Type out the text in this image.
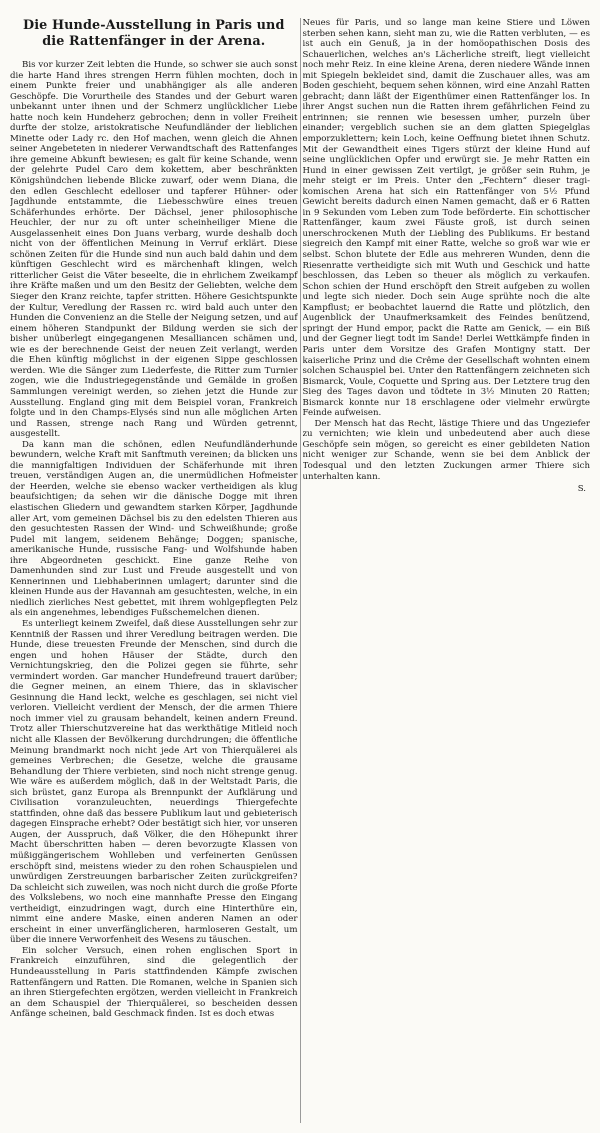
Die Hunde-Ausstellung in Paris und die Rattenfänger in der Arena.

Bis vor kurzer Zeit lebten die Hunde, so schwer sie auch sonst die harte Hand ihres strengen Herrn fühlen mochten, doch in einem Punkte freier und unabhängiger als alle anderen Geschöpfe. Die Vorurtheile des Standes und der Geburt waren unbekannt unter ihnen und der Schmerz unglücklicher Liebe hatte noch kein Hundeherz gebrochen; denn in voller Freiheit durfte der stolze, aristokratische Neufundländer der lieblichen Minette oder Lady rc. den Hof machen, wenn gleich die Ahnen seiner Angebeteten in niederer Verwandtschaft des Rattenfanges ihre gemeine Abkunft bewiesen; es galt für keine Schande, wenn der gelehrte Pudel Caro dem kokettem, aber beschränkten Königshündchen liebende Blicke zuwarf, oder wenn Diana, die den edlen Geschlecht edelloser und tapferer Hühner- oder Jagdhunde entstammte, die Liebesschwüre eines treuen Schäferhundes erhörte. Der Dächsel, jener philosophische Heuchler, der nur zu oft unter scheinheiliger Miene die Ausgelassenheit eines Don Juans verbarg, wurde deshalb doch nicht von der öffentlichen Meinung in Verruf erklärt. Diese schönen Zeiten für die Hunde sind nun auch bald dahin und dem künftigen Geschlecht wird es märchenhaft klingen, welch ritterlicher Geist die Väter beseelte, die in ehrlichem Zweikampf ihre Kräfte maßen und um den Besitz der Geliebten, welche dem Sieger den Kranz reichte, tapfer stritten. Höhere Gesichtspunkte der Kultur, Veredlung der Rassen rc. wird bald auch unter den Hunden die Convenienz an die Stelle der Neigung setzen, und auf einem höheren Standpunkt der Bildung werden sie sich der bisher unüberlegt eingegangenen Mesalliancen schämen und, wie es der berechnende Geist der neuen Zeit verlangt, werden die Ehen künftig möglichst in der eigenen Sippe geschlossen werden. Wie die Sänger zum Liederfeste, die Ritter zum Turnier zogen, wie die Industriegegenstände und Gemälde in großen Sammlungen vereinigt werden, so ziehen jetzt die Hunde zur Ausstellung. England ging mit dem Beispiel voran, Frankreich folgte und in den Champs-Elysés sind nun alle möglichen Arten und Rassen, strenge nach Rang und Würden getrennt, ausgestellt.

Da kann man die schönen, edlen Neufundländerhunde bewundern, welche Kraft mit Sanftmuth vereinen; da blicken uns die mannigfaltigen Individuen der Schäferhunde mit ihren treuen, verständigen Augen an, die unermüdlichen Hofmeister der Heerden, welche sie ebenso wacker vertheidigen als klug beaufsichtigen; da sehen wir die dänische Dogge mit ihren elastischen Gliedern und gewandtem starken Körper, Jagdhunde aller Art, vom gemeinen Dächsel bis zu den edelsten Thieren aus den gesuchtesten Rassen der Wind- und Schweißhunde; große Pudel mit langem, seidenem Behänge; Doggen; spanische, amerikanische Hunde, russische Fang- und Wolfshunde haben ihre Abgeordneten geschickt. Eine ganze Reihe von Damenhunden sind zur Lust und Freude ausgestellt und von Kennerinnen und Liebhaberinnen umlagert; darunter sind die kleinen Hunde aus der Havannah am gesuchtesten, welche, in ein niedlich zierliches Nest gebettet, mit ihrem wohlgepflegten Pelz als ein angenehmes, lebendiges Fußschemelchen dienen.

Es unterliegt keinem Zweifel, daß diese Ausstellungen sehr zur Kenntniß der Rassen und ihrer Veredlung beitragen werden. Die Hunde, diese treuesten Freunde der Menschen, sind durch die engen und hohen Häuser der Städte, durch den Vernichtungskrieg, den die Polizei gegen sie führte, sehr vermindert worden. Gar mancher Hundefreund trauert darüber; die Gegner meinen, an einem Thiere, das in sklavischer Gesinnung die Hand leckt, welche es geschlagen, sei nicht viel verloren. Vielleicht verdient der Mensch, der die armen Thiere noch immer viel zu grausam behandelt, keinen andern Freund. Trotz aller Thierschutzvereine hat das werkthätige Mitleid noch nicht alle Klassen der Bevölkerung durchdrungen; die öffentliche Meinung brandmarkt noch nicht jede Art von Thierquälerei als gemeines Verbrechen; die Gesetze, welche die grausame Behandlung der Thiere verbieten, sind noch nicht strenge genug. Wie wäre es außerdem möglich, daß in der Weltstadt Paris, die sich brüstet, ganz Europa als Brennpunkt der Aufklärung und Civilisation voranzuleuchten, neuerdings Thiergefechte stattfinden, ohne daß das bessere Publikum laut und gebieterisch dagegen Einsprache erhebt? Oder bestätigt sich hier, vor unseren Augen, der Ausspruch, daß Völker, die den Höhepunkt ihrer Macht überschritten haben — deren bevorzugte Klassen von müßiggängerischem Wohlleben und verfeinerten Genüssen erschöpft sind, meistens wieder zu den rohen Schauspielen und unwürdigen Zerstreuungen barbarischer Zeiten zurückgreifen? Da schleicht sich zuweilen, was noch nicht durch die große Pforte des Volkslebens, wo noch eine mannhafte Presse den Eingang vertheidigt, einzudringen wagt, durch eine Hinterthüre ein, nimmt eine andere Maske, einen anderen Namen an oder erscheint in einer unverfänglicheren, harmloseren Gestalt, um über die innere Verworfenheit des Wesens zu täuschen.

Ein solcher Versuch, einen rohen englischen Sport in Frankreich einzuführen, sind die gelegentlich der Hundeausstellung in Paris stattfindenden Kämpfe zwischen Rattenfängern und Ratten. Die Romanen, welche in Spanien sich an ihren Stiergefechten ergötzen, werden vielleicht in Frankreich an dem Schauspiel der Thierquälerei, so bescheiden dessen Anfänge scheinen, bald Geschmack finden. Ist es doch etwas

Neues für Paris, und so lange man keine Stiere und Löwen sterben sehen kann, sieht man zu, wie die Ratten verbluten, — es ist auch ein Genuß, ja in der homöopathischen Dosis des Schauerlichen, welches an's Lächerliche streift, liegt vielleicht noch mehr Reiz. In eine kleine Arena, deren niedere Wände innen mit Spiegeln bekleidet sind, damit die Zuschauer alles, was am Boden geschieht, bequem sehen können, wird eine Anzahl Ratten gebracht; dann läßt der Eigenthümer einen Rattenfänger los. In ihrer Angst suchen nun die Ratten ihrem gefährlichen Feind zu entrinnen; sie rennen wie besessen umher, purzeln über einander; vergeblich suchen sie an dem glatten Spiegelglas emporzuklettern; kein Loch, keine Oeffnung bietet ihnen Schutz. Mit der Gewandtheit eines Tigers stürzt der kleine Hund auf seine unglücklichen Opfer und erwürgt sie. Je mehr Ratten ein Hund in einer gewissen Zeit vertilgt, je größer sein Ruhm, je mehr steigt er im Preis. Unter den „Fechtern“ dieser tragi-komischen Arena hat sich ein Rattenfänger von 5½ Pfund Gewicht bereits dadurch einen Namen gemacht, daß er 6 Ratten in 9 Sekunden vom Leben zum Tode beförderte. Ein schottischer Rattenfänger, kaum zwei Fäuste groß, ist durch seinen unerschrockenen Muth der Liebling des Publikums. Er bestand siegreich den Kampf mit einer Ratte, welche so groß war wie er selbst. Schon blutete der Edle aus mehreren Wunden, denn die Riesenratte vertheidigte sich mit Wuth und Geschick und hatte beschlossen, das Leben so theuer als möglich zu verkaufen. Schon schien der Hund erschöpft den Streit aufgeben zu wollen und legte sich nieder. Doch sein Auge sprühte noch die alte Kampflust; er beobachtet lauernd die Ratte und plötzlich, den Augenblick der Unaufmerksamkeit des Feindes benützend, springt der Hund empor, packt die Ratte am Genick, — ein Biß und der Gegner liegt todt im Sande! Derlei Wettkämpfe finden in Paris unter dem Vorsitze des Grafen Montigny statt. Der kaiserliche Prinz und die Crême der Gesellschaft wohnten einem solchen Schauspiel bei. Unter den Rattenfängern zeichneten sich Bismarck, Voule, Coquette und Spring aus. Der Letztere trug den Sieg des Tages davon und tödtete in 3½ Minuten 20 Ratten; Bismarck konnte nur 18 erschlagene oder vielmehr erwürgte Feinde aufweisen.

Der Mensch hat das Recht, lästige Thiere und das Ungeziefer zu vernichten; wie klein und unbedeutend aber auch diese Geschöpfe sein mögen, so gereicht es einer gebildeten Nation nicht weniger zur Schande, wenn sie bei dem Anblick der Todesqual und den letzten Zuckungen armer Thiere sich unterhalten kann.

S.
